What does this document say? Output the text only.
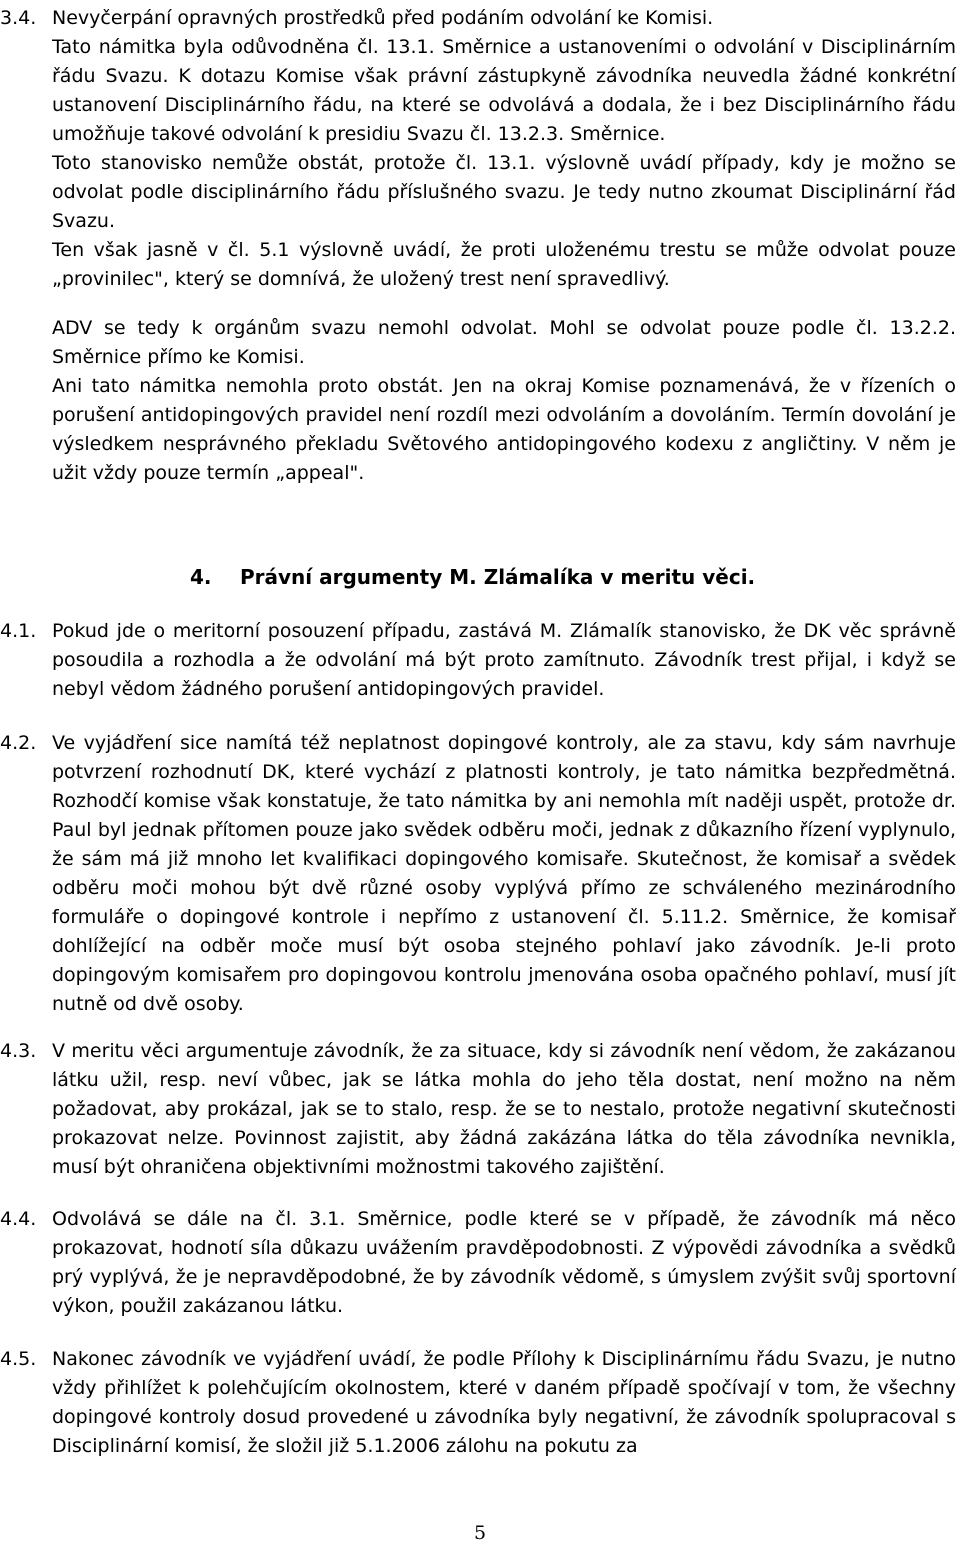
3.4. Nevyčerpání opravných prostředků před podáním odvolání ke Komisi.

Tato námitka byla odůvodněna čl. 13.1. Směrnice a ustanoveními o odvolání v Disciplinárním řádu Svazu. K dotazu Komise však právní zástupkyně závodníka neuvedla žádné konkrétní ustanovení Disciplinárního řádu, na které se odvolává a dodala, že i bez Disciplinárního řádu umožňuje takové odvolání k presidiu Svazu čl. 13.2.3. Směrnice.

Toto stanovisko nemůže obstát, protože čl. 13.1. výslovně uvádí případy, kdy je možno se odvolat podle disciplinárního řádu příslušného svazu. Je tedy nutno zkoumat Disciplinární řád Svazu.

Ten však jasně v čl. 5.1 výslovně uvádí, že proti uloženému trestu se může odvolat pouze „provinilec", který se domnívá, že uložený trest není spravedlivý.

ADV se tedy k orgánům svazu nemohl odvolat. Mohl se odvolat pouze podle čl. 13.2.2. Směrnice přímo ke Komisi.

Ani tato námitka nemohla proto obstát. Jen na okraj Komise poznamenává, že v řízeních o porušení antidopingových pravidel není rozdíl mezi odvoláním a dovoláním. Termín dovolání je výsledkem nesprávného překladu Světového antidopingového kodexu z angličtiny. V něm je užit vždy pouze termín „appeal".

4. Právní argumenty M. Zlámalíka v meritu věci.
4.1. Pokud jde o meritorní posouzení případu, zastává M. Zlámalík stanovisko, že DK věc správně posoudila a rozhodla a že odvolání má být proto zamítnuto. Závodník trest přijal, i když se nebyl vědom žádného porušení antidopingových pravidel.

4.2. Ve vyjádření sice namítá též neplatnost dopingové kontroly, ale za stavu, kdy sám navrhuje potvrzení rozhodnutí DK, které vychází z platnosti kontroly, je tato námitka bezpředmětná. Rozhodčí komise však konstatuje, že tato námitka by ani nemohla mít naději uspět, protože dr. Paul byl jednak přítomen pouze jako svědek odběru moči, jednak z důkazního řízení vyplynulo, že sám má již mnoho let kvalifikaci dopingového komisaře. Skutečnost, že komisař a svědek odběru moči mohou být dvě různé osoby vyplývá přímo ze schváleného mezinárodního formuláře o dopingové kontrole i nepřímo z ustanovení čl. 5.11.2. Směrnice, že komisař dohlížející na odběr moče musí být osoba stejného pohlaví jako závodník. Je-li proto dopingovým komisařem pro dopingovou kontrolu jmenována osoba opačného pohlaví, musí jít nutně od dvě osoby.

4.3. V meritu věci argumentuje závodník, že za situace, kdy si závodník není vědom, že zakázanou látku užil, resp. neví vůbec, jak se látka mohla do jeho těla dostat, není možno na něm požadovat, aby prokázal, jak se to stalo, resp. že se to nestalo, protože negativní skutečnosti prokazovat nelze. Povinnost zajistit, aby žádná zakázána látka do těla závodníka nevnikla, musí být ohraničena objektivními možnostmi takového zajištění.

4.4. Odvolává se dále na čl. 3.1. Směrnice, podle které se v případě, že závodník má něco prokazovat, hodnotí síla důkazu uvážením pravděpodobnosti. Z výpovědi závodníka a svědků prý vyplývá, že je nepravděpodobné, že by závodník vědomě, s úmyslem zvýšit svůj sportovní výkon, použil zakázanou látku.

4.5. Nakonec závodník ve vyjádření uvádí, že podle Přílohy k Disciplinárnímu řádu Svazu, je nutno vždy přihlížet k polehčujícím okolnostem, které v daném případě spočívají v tom, že všechny dopingové kontroly dosud provedené u závodníka byly negativní, že závodník spolupracoval s Disciplinární komisí, že složil již 5.1.2006 zálohu na pokutu za

5
